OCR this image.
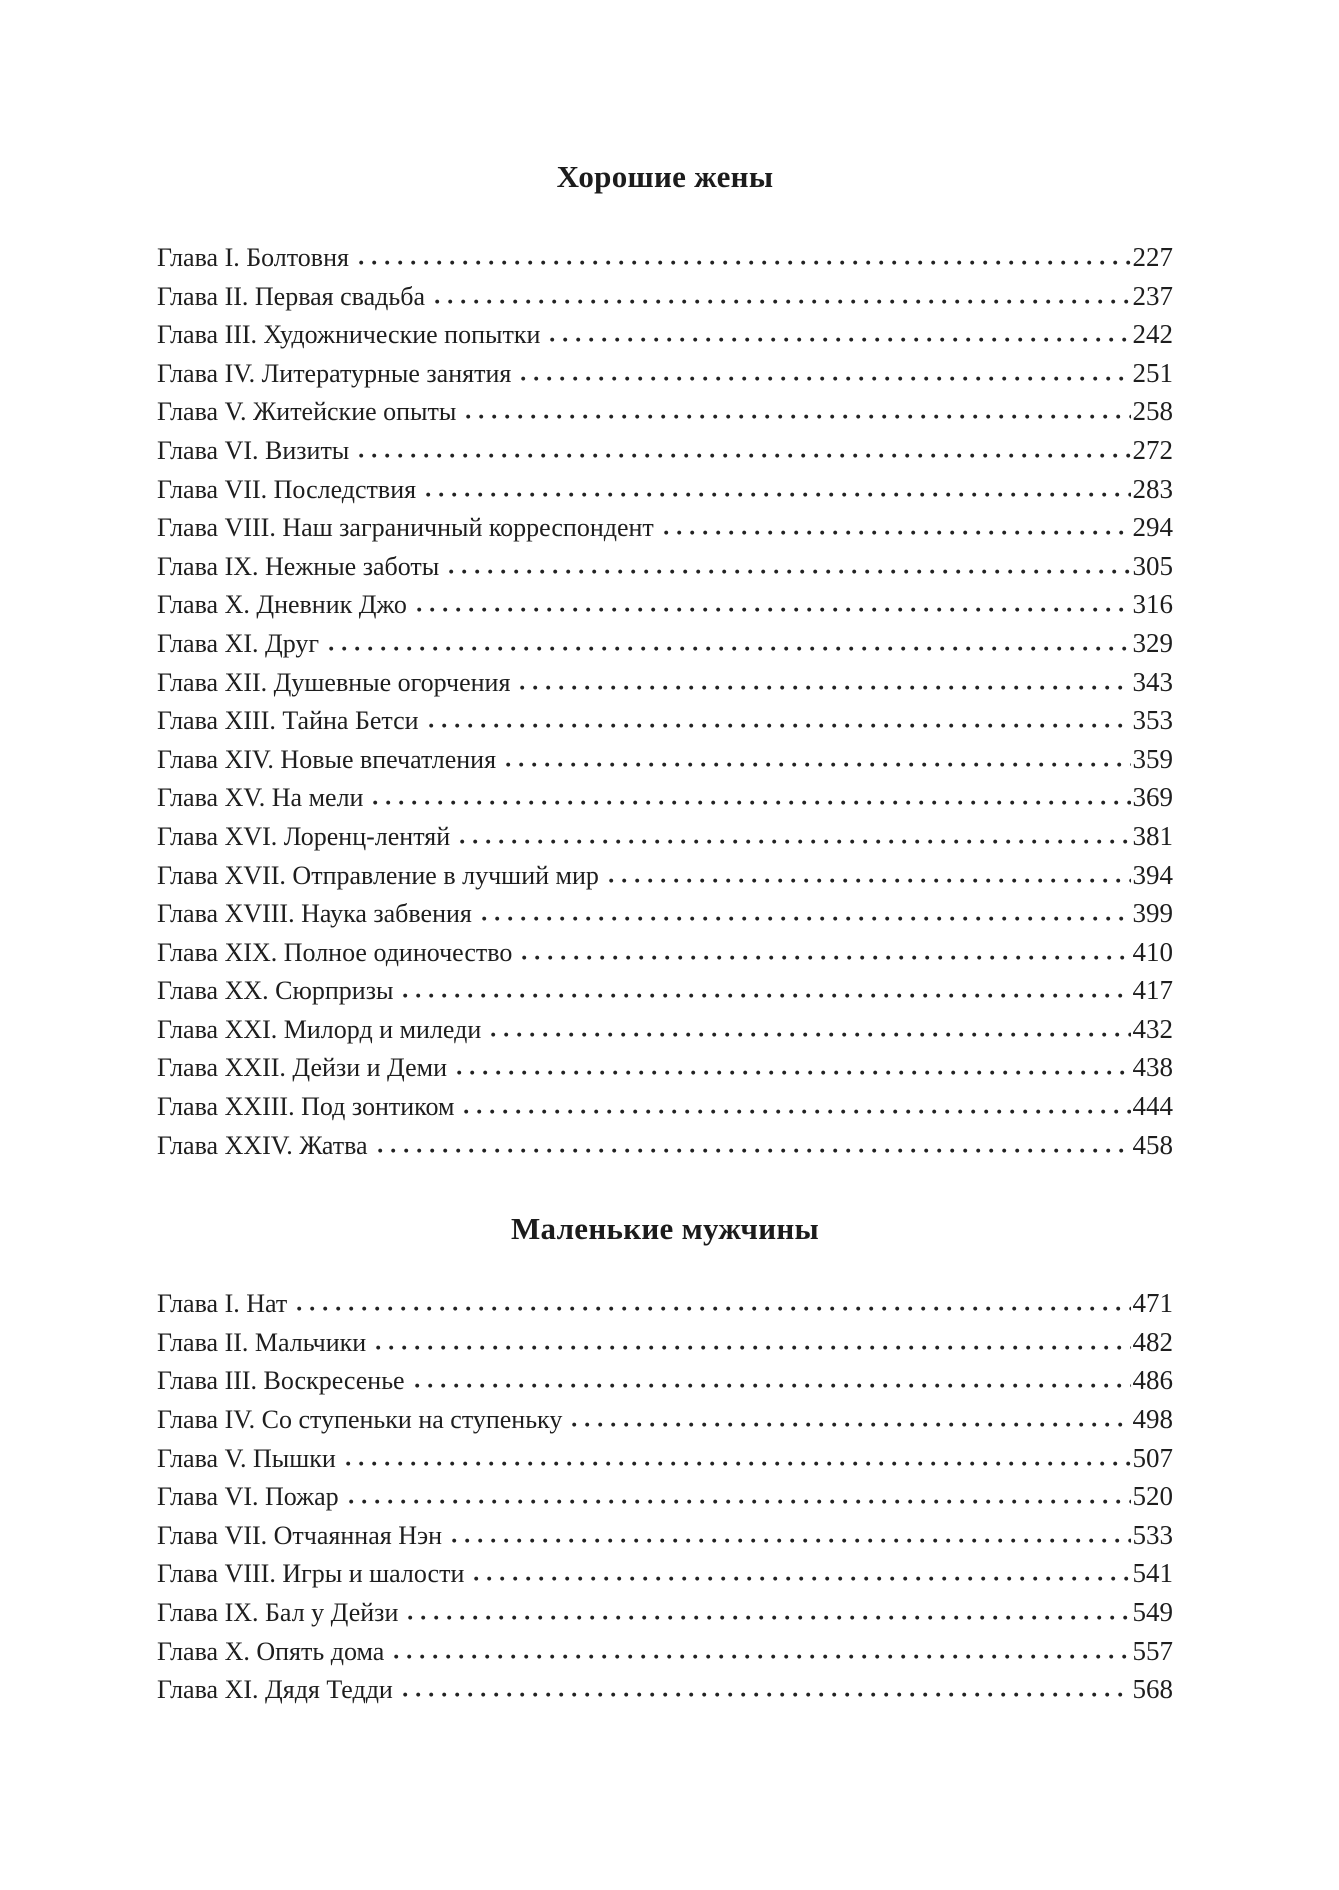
Хорошие жены
Глава I. Болтовня	227
Глава II. Первая свадьба	237
Глава III. Художнические попытки	242
Глава IV. Литературные занятия	251
Глава V. Житейские опыты	258
Глава VI. Визиты	272
Глава VII. Последствия	283
Глава VIII. Наш заграничный корреспондент	294
Глава IX. Нежные заботы	305
Глава X. Дневник Джо	316
Глава XI. Друг	329
Глава XII. Душевные огорчения	343
Глава XIII. Тайна Бетси	353
Глава XIV. Новые впечатления	359
Глава XV. На мели	369
Глава XVI. Лоренц-лентяй	381
Глава XVII. Отправление в лучший мир	394
Глава XVIII. Наука забвения	399
Глава XIX. Полное одиночество	410
Глава XX. Сюрпризы	417
Глава XXI. Милорд и миледи	432
Глава XXII. Дейзи и Деми	438
Глава XXIII. Под зонтиком	444
Глава XXIV. Жатва	458
Маленькие мужчины
Глава I. Нат	471
Глава II. Мальчики	482
Глава III. Воскресенье	486
Глава IV. Со ступеньки на ступеньку	498
Глава V. Пышки	507
Глава VI. Пожар	520
Глава VII. Отчаянная Нэн	533
Глава VIII. Игры и шалости	541
Глава IX. Бал у Дейзи	549
Глава X. Опять дома	557
Глава XI. Дядя Тедди	568
